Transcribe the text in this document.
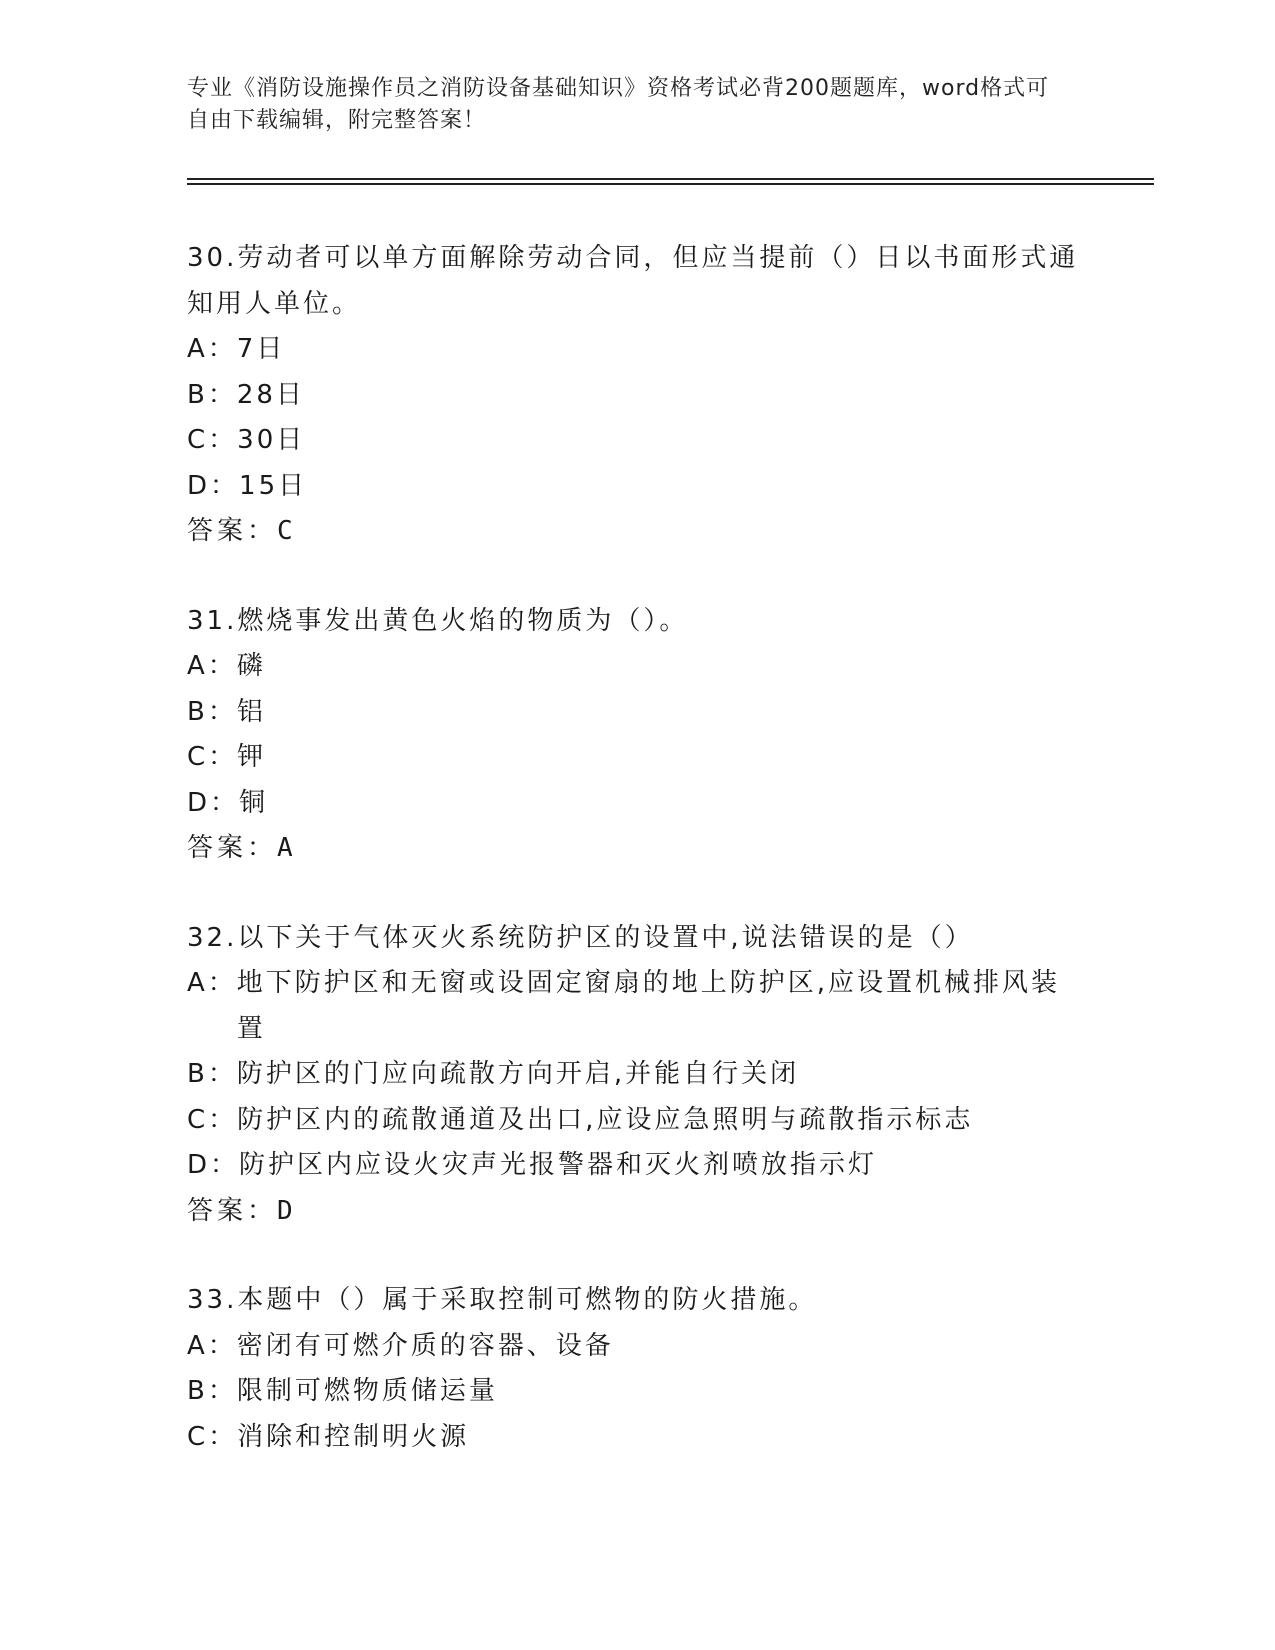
专业《消防设施操作员之消防设备基础知识》资格考试必背200题题库，word格式可自由下载编辑，附完整答案！

30.劳动者可以单方面解除劳动合同，但应当提前（）日以书面形式通知用人单位。

A： 7日

B： 28日

C： 30日

D： 15日

答案：C

31.燃烧事发出黄色火焰的物质为（）。

A： 磷

B： 铝

C： 钾

D： 铜

答案：A

32.以下关于气体灭火系统防护区的设置中,说法错误的是（）

A： 地下防护区和无窗或设固定窗扇的地上防护区,应设置机械排风装置

B： 防护区的门应向疏散方向开启,并能自行关闭

C： 防护区内的疏散通道及出口,应设应急照明与疏散指示标志

D： 防护区内应设火灾声光报警器和灭火剂喷放指示灯

答案：D

33.本题中（）属于采取控制可燃物的防火措施。

A： 密闭有可燃介质的容器、设备

B： 限制可燃物质储运量

C： 消除和控制明火源
